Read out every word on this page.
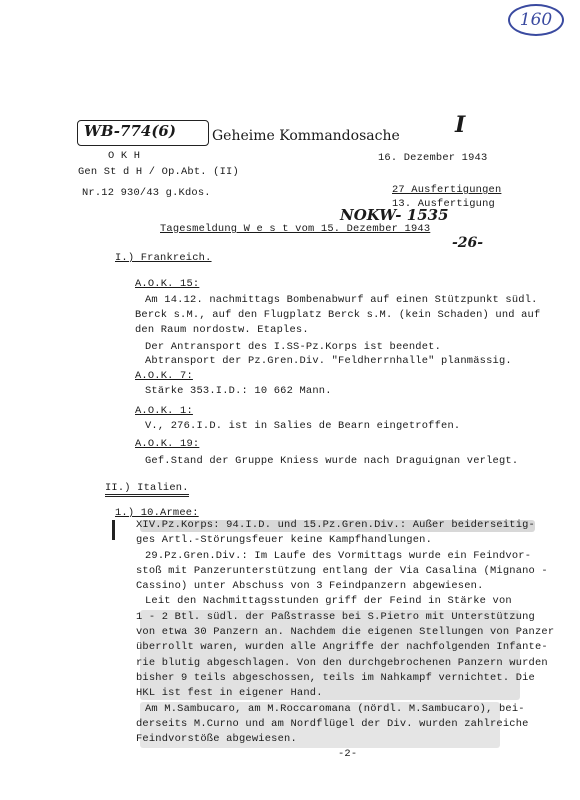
160
WB-774(6)	Geheime Kommandosache	I
O K H
Gen St d H / Op.Abt. (II)
16. Dezember 1943
Nr.12 930/43 g.Kdos.	27 Ausfertigungen
13. Ausfertigung
NOKW- 1535
-26-
Tagesmeldung W e s t vom 15. Dezember 1943
I.) Frankreich.
A.O.K. 15:
Am 14.12. nachmittags Bombenabwurf auf einen Stützpunkt südl.
Berck s.M., auf den Flugplatz Berck s.M. (kein Schaden) und auf
den Raum nordostw. Etaples.
Der Antransport des I.SS-Pz.Korps ist beendet.
Abtransport der Pz.Gren.Div. "Feldherrnhalle" planmässig.
A.O.K. 7:
Stärke 353.I.D.: 10 662 Mann.
A.O.K. 1:
V., 276.I.D. ist in Salies de Bearn eingetroffen.
A.O.K. 19:
Gef.Stand der Gruppe Kniess wurde nach Draguignan verlegt.
II.) Italien.
1.) 10.Armee:
XIV.Pz.Korps: 94.I.D. und 15.Pz.Gren.Div.: Außer beiderseitig-
ges Artl.-Störungsfeuer keine Kampfhandlungen.
29.Pz.Gren.Div.: Im Laufe des Vormittags wurde ein Feindvor-
stoß mit Panzerunterstützung entlang der Via Casalina (Mignano -
Cassino) unter Abschuss von 3 Feindpanzern abgewiesen.
Leit den Nachmittagsstunden griff der Feind in Stärke von
1 - 2 Btl. südl. der Paßstrasse bei S.Pietro mit Unterstützung
von etwa 30 Panzern an. Nachdem die eigenen Stellungen von Panzer
überrollt waren, wurden alle Angriffe der nachfolgenden Infante-
rie blutig abgeschlagen. Von den durchgebrochenen Panzern wurden
bisher 9 teils abgeschossen, teils im Nahkampf vernichtet. Die
HKL ist fest in eigener Hand.
Am M.Sambucaro, am M.Roccaromana (nördl. M.Sambucaro), bei-
derseits M.Curno und am Nordflügel der Div. wurden zahlreiche
Feindvorstöße abgewiesen.
-2-
